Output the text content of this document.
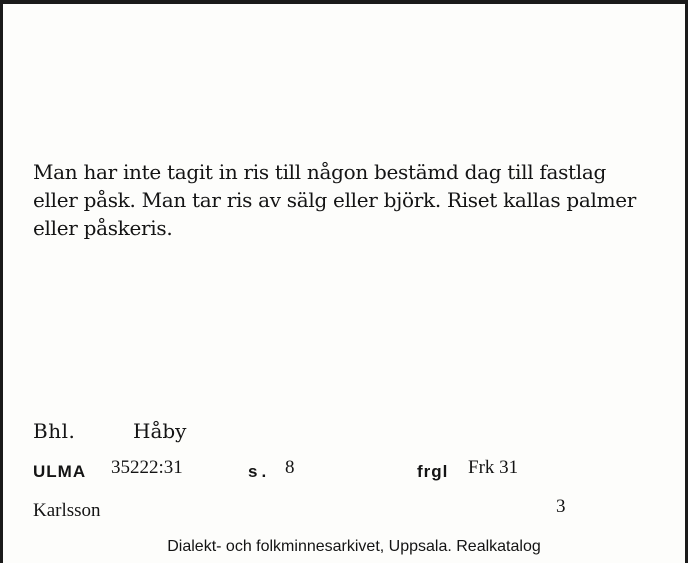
Man har inte tagit in ris till någon bestämd dag till fastlag
eller påsk. Man tar ris av sälg eller björk. Riset kallas palmer
eller påskeris.
Bhl.	Håby
ULMA 35222:31	s. 8	frgl Frk 31
Karlsson	3
Dialekt- och folkminnesarkivet, Uppsala. Realkatalog
